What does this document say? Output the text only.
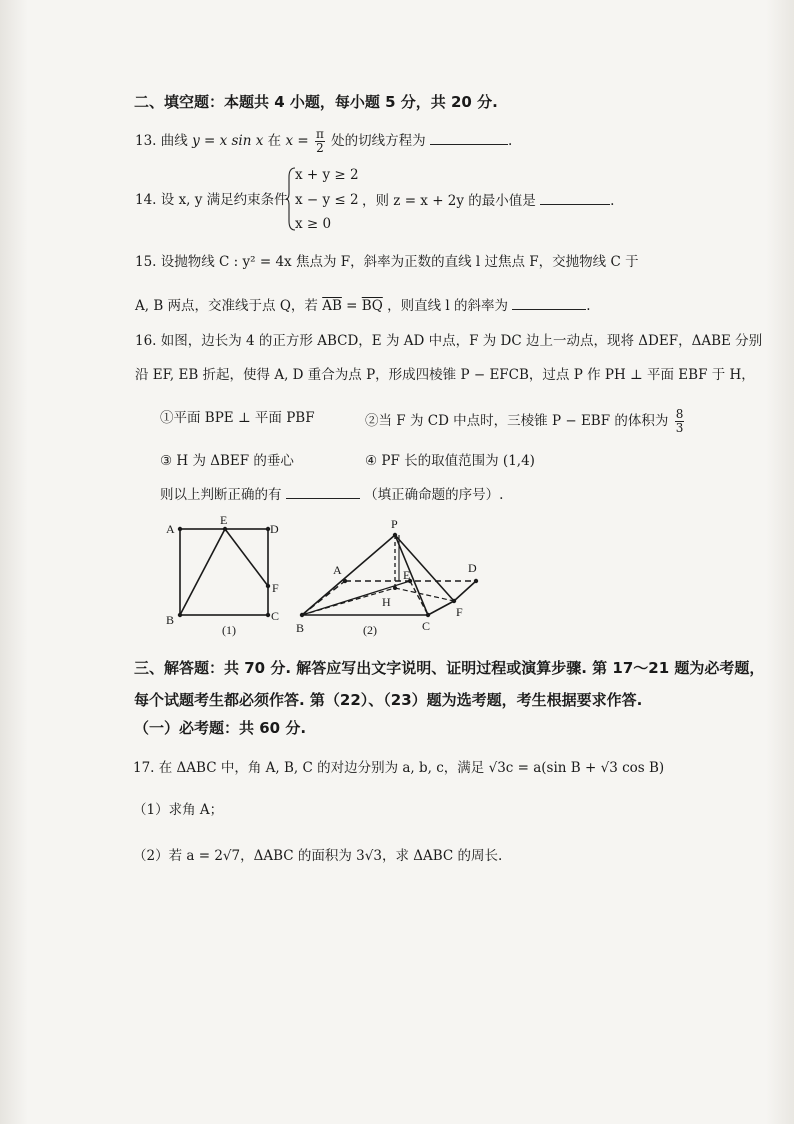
二、填空题：本题共 4 小题，每小题 5 分，共 20 分.
13. 曲线 y = x sin x 在 $x = \frac{\pi}{2}$ 处的切线方程为	.
14. 设 x, y 满足约束条件
x + y ≥ 2
x − y ≤ 2
x ≥ 0
，则 z = x + 2y 的最小值是	.
15. 设抛物线 C : y² = 4x 焦点为 F，斜率为正数的直线 l 过焦点 F，交抛物线 C 于
A, B 两点，交准线于点 Q，若 $\overline{AB} = \overline{BQ}$ ，则直线 l 的斜率为	.
16. 如图，边长为 4 的正方形 ABCD，E 为 AD 中点，F 为 DC 边上一动点，现将 ΔDEF，ΔABE 分别
沿 EF, EB 折起，使得 A, D 重合为点 P，形成四棱锥 P − EFCB，过点 P 作 PH ⊥ 平面 EBF 于 H，
①平面 BPE ⊥ 平面 PBF	②当 F 为 CD 中点时，三棱锥 P − EBF 的体积为 $\frac{8}{3}$
③ H 为 ΔBEF 的垂心	④ PF 长的取值范围为 (1,4)
则以上判断正确的有	（填正确命题的序号）.
A
E
D
F
B	C
(1)
P
A	E	D
H
B	C
F
(2)
三、解答题：共 70 分. 解答应写出文字说明、证明过程或演算步骤. 第 17～21 题为必考题，
每个试题考生都必须作答. 第（22）、（23）题为选考题，考生根据要求作答.
（一）必考题：共 60 分.
17. 在 ΔABC 中，角 A, B, C 的对边分别为 a, b, c，满足 √3c = a(sin B + √3 cos B)
（1）求角 A；
（2）若 a = 2√7，ΔABC 的面积为 3√3，求 ΔABC 的周长.
